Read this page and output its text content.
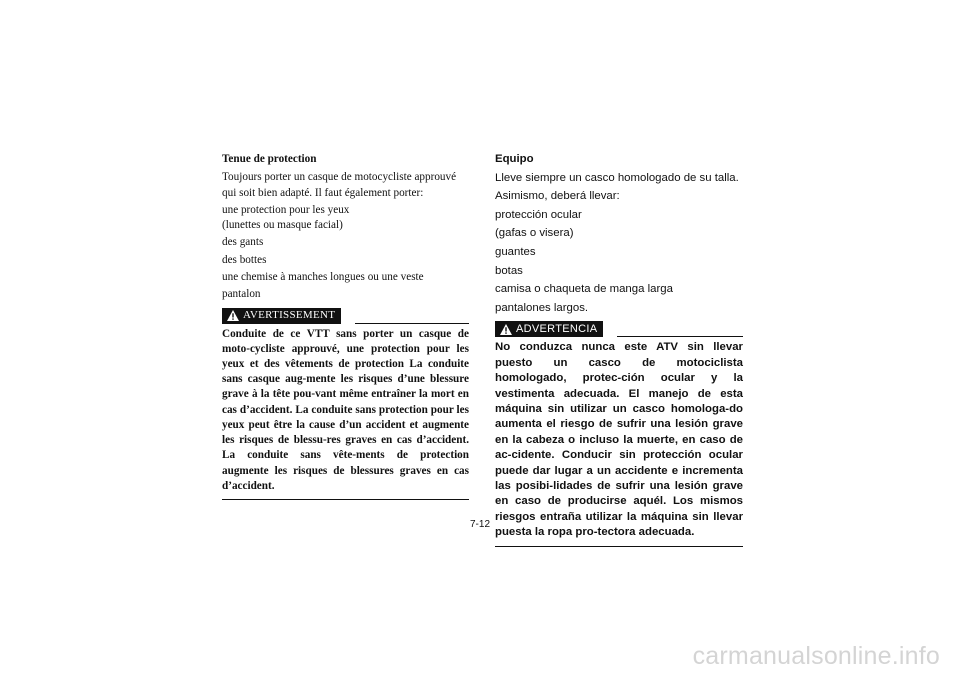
Tenue de protection
Toujours porter un casque de motocycliste approuvé qui soit bien adapté. Il faut également porter:
une protection pour les yeux
(lunettes ou masque facial)
des gants
des bottes
une chemise à manches longues ou une veste
pantalon
AVERTISSEMENT
Conduite de ce VTT sans porter un casque de moto-cycliste approuvé, une protection pour les yeux et des vêtements de protection La conduite sans casque aug-mente les risques d’une blessure grave à la tête pou-vant même entraîner la mort en cas d’accident. La conduite sans protection pour les yeux peut être la cause d’un accident et augmente les risques de blessu-res graves en cas d’accident. La conduite sans vête-ments de protection augmente les risques de blessures graves en cas d’accident.
Equipo
Lleve siempre un casco homologado de su talla.
Asimismo, deberá llevar:
protección ocular
(gafas o visera)
guantes
botas
camisa o chaqueta de manga larga
pantalones largos.
ADVERTENCIA
No conduzca nunca este ATV sin llevar puesto un casco de motociclista homologado, protec-ción ocular y la vestimenta adecuada. El manejo de esta máquina sin utilizar un casco homologa-do aumenta el riesgo de sufrir una lesión grave en la cabeza o incluso la muerte, en caso de ac-cidente. Conducir sin protección ocular puede dar lugar a un accidente e incrementa las posibi-lidades de sufrir una lesión grave en caso de producirse aquél. Los mismos riesgos entraña utilizar la máquina sin llevar puesta la ropa pro-tectora adecuada.
7-12
carmanualsonline.info
